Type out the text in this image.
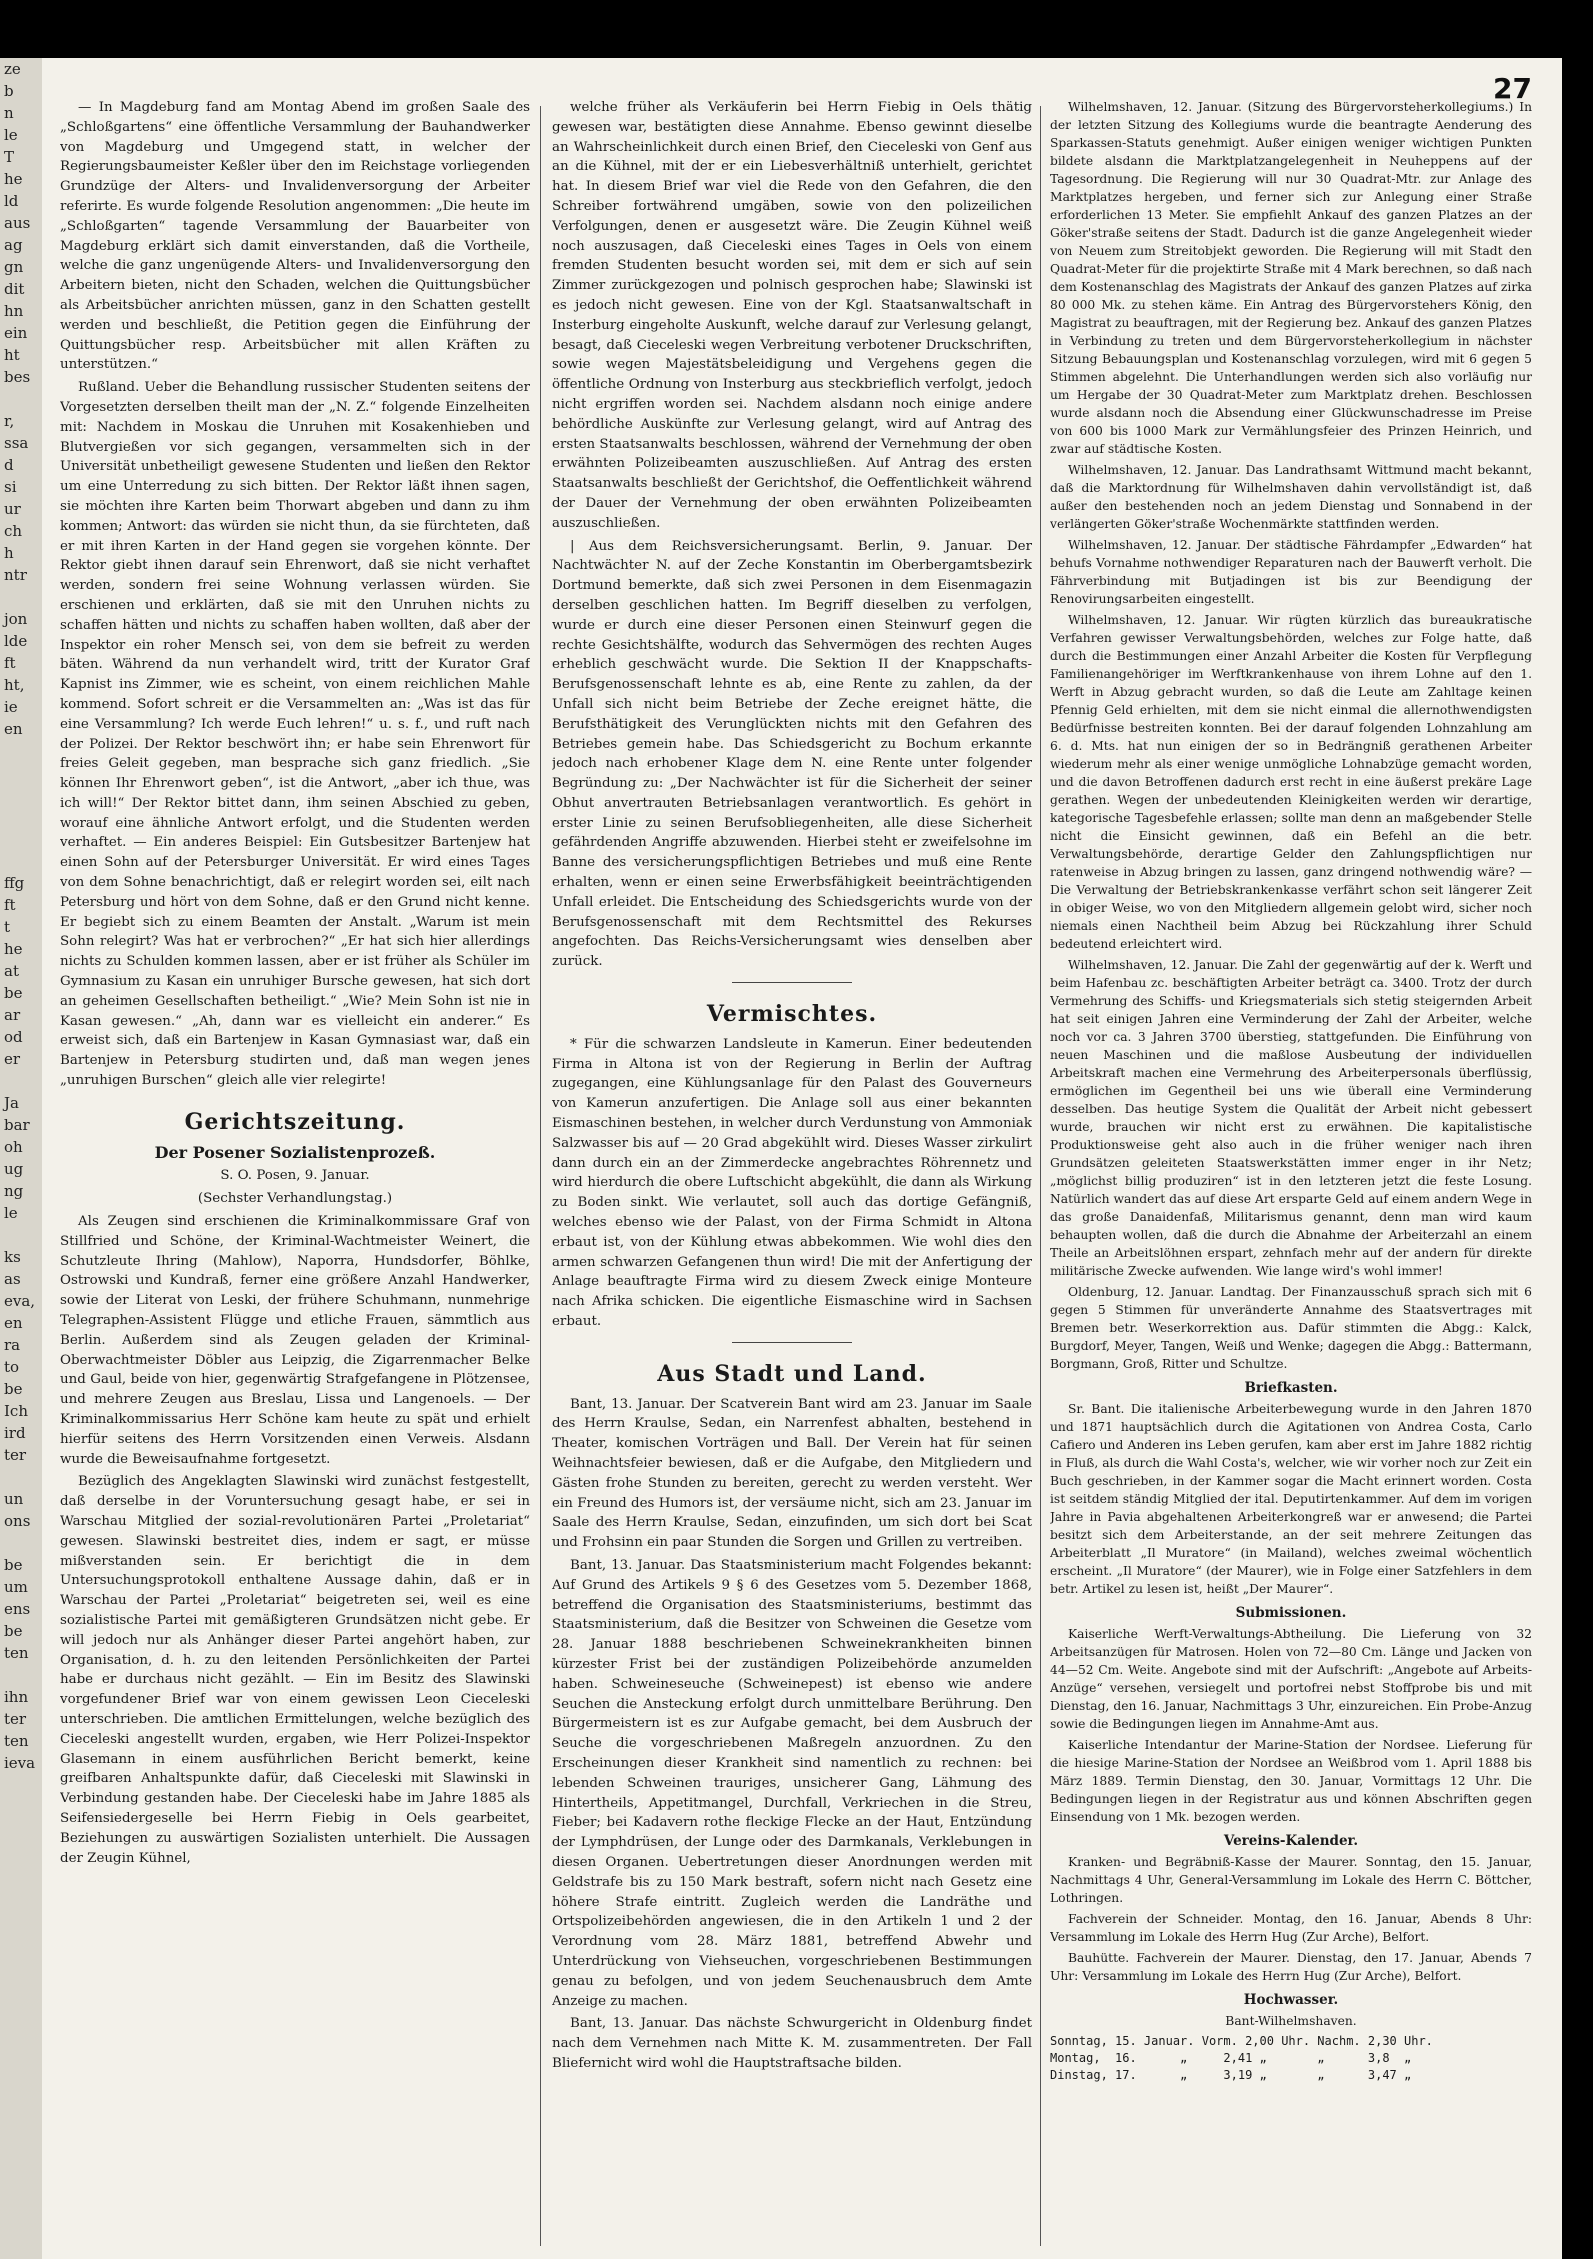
ze
b
n
le
T
he
ld
aus
ag
gn
dit
hn
ein
ht
bes

r,
ssa
d
si
ur
ch
h
ntr

jon
lde
ft
ht,
ie
en

ffg
ft
t
he
at
be
ar
od
er

Ja
bar
oh
ug
ng
le

ks
as
eva,
en
ra
to
be
Ich
ird
ter

un
ons

be
um
ens
be
ten

ihn
ter
ten
ieva
27

— In Magdeburg fand am Montag Abend im großen Saale des „Schloßgartens“ eine öffentliche Versammlung der Bauhandwerker von Magdeburg und Umgegend statt, in welcher der Regierungsbaumeister Keßler über den im Reichstage vorliegenden Grundzüge der Alters- und Invalidenversorgung der Arbeiter referirte. Es wurde folgende Resolution angenommen: „Die heute im „Schloßgarten“ tagende Versammlung der Bauarbeiter von Magdeburg erklärt sich damit einverstanden, daß die Vortheile, welche die ganz ungenügende Alters- und Invalidenversorgung den Arbeitern bieten, nicht den Schaden, welchen die Quittungsbücher als Arbeitsbücher anrichten müssen, ganz in den Schatten gestellt werden und beschließt, die Petition gegen die Einführung der Quittungsbücher resp. Arbeitsbücher mit allen Kräften zu unterstützen.“

Rußland. Ueber die Behandlung russischer Studenten seitens der Vorgesetzten derselben theilt man der „N. Z.“ folgende Einzelheiten mit: Nachdem in Moskau die Unruhen mit Kosakenhieben und Blutvergießen vor sich gegangen, versammelten sich in der Universität unbetheiligt gewesene Studenten und ließen den Rektor um eine Unterredung zu sich bitten. Der Rektor läßt ihnen sagen, sie möchten ihre Karten beim Thorwart abgeben und dann zu ihm kommen; Antwort: das würden sie nicht thun, da sie fürchteten, daß er mit ihren Karten in der Hand gegen sie vorgehen könnte. Der Rektor giebt ihnen darauf sein Ehrenwort, daß sie nicht verhaftet werden, sondern frei seine Wohnung verlassen würden. Sie erschienen und erklärten, daß sie mit den Unruhen nichts zu schaffen hätten und nichts zu schaffen haben wollten, daß aber der Inspektor ein roher Mensch sei, von dem sie befreit zu werden bäten. Während da nun verhandelt wird, tritt der Kurator Graf Kapnist ins Zimmer, wie es scheint, von einem reichlichen Mahle kommend. Sofort schreit er die Versammelten an: „Was ist das für eine Versammlung? Ich werde Euch lehren!“ u. s. f., und ruft nach der Polizei. Der Rektor beschwört ihn; er habe sein Ehrenwort für freies Geleit gegeben, man besprache sich ganz friedlich. „Sie können Ihr Ehrenwort geben“, ist die Antwort, „aber ich thue, was ich will!“ Der Rektor bittet dann, ihm seinen Abschied zu geben, worauf eine ähnliche Antwort erfolgt, und die Studenten werden verhaftet. — Ein anderes Beispiel: Ein Gutsbesitzer Bartenjew hat einen Sohn auf der Petersburger Universität. Er wird eines Tages von dem Sohne benachrichtigt, daß er relegirt worden sei, eilt nach Petersburg und hört von dem Sohne, daß er den Grund nicht kenne. Er begiebt sich zu einem Beamten der Anstalt. „Warum ist mein Sohn relegirt? Was hat er verbrochen?“ „Er hat sich hier allerdings nichts zu Schulden kommen lassen, aber er ist früher als Schüler im Gymnasium zu Kasan ein unruhiger Bursche gewesen, hat sich dort an geheimen Gesellschaften betheiligt.“ „Wie? Mein Sohn ist nie in Kasan gewesen.“ „Ah, dann war es vielleicht ein anderer.“ Es erweist sich, daß ein Bartenjew in Kasan Gymnasiast war, daß ein Bartenjew in Petersburg studirten und, daß man wegen jenes „unruhigen Burschen“ gleich alle vier relegirte!

Gerichtszeitung.
Der Posener Sozialistenprozeß.

S. O. Posen, 9. Januar.

(Sechster Verhandlungstag.)

Als Zeugen sind erschienen die Kriminalkommissare Graf von Stillfried und Schöne, der Kriminal-Wachtmeister Weinert, die Schutzleute Ihring (Mahlow), Naporra, Hundsdorfer, Böhlke, Ostrowski und Kundraß, ferner eine größere Anzahl Handwerker, sowie der Literat von Leski, der frühere Schuhmann, nunmehrige Telegraphen-Assistent Flügge und etliche Frauen, sämmtlich aus Berlin. Außerdem sind als Zeugen geladen der Kriminal-Oberwachtmeister Döbler aus Leipzig, die Zigarrenmacher Belke und Gaul, beide von hier, gegenwärtig Strafgefangene in Plötzensee, und mehrere Zeugen aus Breslau, Lissa und Langenoels. — Der Kriminalkommissarius Herr Schöne kam heute zu spät und erhielt hierfür seitens des Herrn Vorsitzenden einen Verweis. Alsdann wurde die Beweisaufnahme fortgesetzt.

Bezüglich des Angeklagten Slawinski wird zunächst festgestellt, daß derselbe in der Voruntersuchung gesagt habe, er sei in Warschau Mitglied der sozial-revolutionären Partei „Proletariat“ gewesen. Slawinski bestreitet dies, indem er sagt, er müsse mißverstanden sein. Er berichtigt die in dem Untersuchungsprotokoll enthaltene Aussage dahin, daß er in Warschau der Partei „Proletariat“ beigetreten sei, weil es eine sozialistische Partei mit gemäßigteren Grundsätzen nicht gebe. Er will jedoch nur als Anhänger dieser Partei angehört haben, zur Organisation, d. h. zu den leitenden Persönlichkeiten der Partei habe er durchaus nicht gezählt. — Ein im Besitz des Slawinski vorgefundener Brief war von einem gewissen Leon Cieceleski unterschrieben. Die amtlichen Ermittelungen, welche bezüglich des Cieceleski angestellt wurden, ergaben, wie Herr Polizei-Inspektor Glasemann in einem ausführlichen Bericht bemerkt, keine greifbaren Anhaltspunkte dafür, daß Cieceleski mit Slawinski in Verbindung gestanden habe. Der Cieceleski habe im Jahre 1885 als Seifensiedergeselle bei Herrn Fiebig in Oels gearbeitet, Beziehungen zu auswärtigen Sozialisten unterhielt. Die Aussagen der Zeugin Kühnel,

welche früher als Verkäuferin bei Herrn Fiebig in Oels thätig gewesen war, bestätigten diese Annahme. Ebenso gewinnt dieselbe an Wahrscheinlichkeit durch einen Brief, den Cieceleski von Genf aus an die Kühnel, mit der er ein Liebesverhältniß unterhielt, gerichtet hat. In diesem Brief war viel die Rede von den Gefahren, die den Schreiber fortwährend umgäben, sowie von den polizeilichen Verfolgungen, denen er ausgesetzt wäre. Die Zeugin Kühnel weiß noch auszusagen, daß Cieceleski eines Tages in Oels von einem fremden Studenten besucht worden sei, mit dem er sich auf sein Zimmer zurückgezogen und polnisch gesprochen habe; Slawinski ist es jedoch nicht gewesen. Eine von der Kgl. Staatsanwaltschaft in Insterburg eingeholte Auskunft, welche darauf zur Verlesung gelangt, besagt, daß Cieceleski wegen Verbreitung verbotener Druckschriften, sowie wegen Majestätsbeleidigung und Vergehens gegen die öffentliche Ordnung von Insterburg aus steckbrieflich verfolgt, jedoch nicht ergriffen worden sei. Nachdem alsdann noch einige andere behördliche Auskünfte zur Verlesung gelangt, wird auf Antrag des ersten Staatsanwalts beschlossen, während der Vernehmung der oben erwähnten Polizeibeamten auszuschließen. Auf Antrag des ersten Staatsanwalts beschließt der Gerichtshof, die Oeffentlichkeit während der Dauer der Vernehmung der oben erwähnten Polizeibeamten auszuschließen.

| Aus dem Reichsversicherungsamt. Berlin, 9. Januar. Der Nachtwächter N. auf der Zeche Konstantin im Oberbergamtsbezirk Dortmund bemerkte, daß sich zwei Personen in dem Eisenmagazin derselben geschlichen hatten. Im Begriff dieselben zu verfolgen, wurde er durch eine dieser Personen einen Steinwurf gegen die rechte Gesichtshälfte, wodurch das Sehvermögen des rechten Auges erheblich geschwächt wurde. Die Sektion II der Knappschafts-Berufsgenossenschaft lehnte es ab, eine Rente zu zahlen, da der Unfall sich nicht beim Betriebe der Zeche ereignet hätte, die Berufsthätigkeit des Verunglückten nichts mit den Gefahren des Betriebes gemein habe. Das Schiedsgericht zu Bochum erkannte jedoch nach erhobener Klage dem N. eine Rente unter folgender Begründung zu: „Der Nachwächter ist für die Sicherheit der seiner Obhut anvertrauten Betriebsanlagen verantwortlich. Es gehört in erster Linie zu seinen Berufsobliegenheiten, alle diese Sicherheit gefährdenden Angriffe abzuwenden. Hierbei steht er zweifelsohne im Banne des versicherungspflichtigen Betriebes und muß eine Rente erhalten, wenn er einen seine Erwerbsfähigkeit beeinträchtigenden Unfall erleidet. Die Entscheidung des Schiedsgerichts wurde von der Berufsgenossenschaft mit dem Rechtsmittel des Rekurses angefochten. Das Reichs-Versicherungsamt wies denselben aber zurück.

Vermischtes.

* Für die schwarzen Landsleute in Kamerun. Einer bedeutenden Firma in Altona ist von der Regierung in Berlin der Auftrag zugegangen, eine Kühlungsanlage für den Palast des Gouverneurs von Kamerun anzufertigen. Die Anlage soll aus einer bekannten Eismaschinen bestehen, in welcher durch Verdunstung von Ammoniak Salzwasser bis auf — 20 Grad abgekühlt wird. Dieses Wasser zirkulirt dann durch ein an der Zimmerdecke angebrachtes Röhrennetz und wird hierdurch die obere Luftschicht abgekühlt, die dann als Wirkung zu Boden sinkt. Wie verlautet, soll auch das dortige Gefängniß, welches ebenso wie der Palast, von der Firma Schmidt in Altona erbaut ist, von der Kühlung etwas abbekommen. Wie wohl dies den armen schwarzen Gefangenen thun wird! Die mit der Anfertigung der Anlage beauftragte Firma wird zu diesem Zweck einige Monteure nach Afrika schicken. Die eigentliche Eismaschine wird in Sachsen erbaut.

Aus Stadt und Land.

Bant, 13. Januar. Der Scatverein Bant wird am 23. Januar im Saale des Herrn Kraulse, Sedan, ein Narrenfest abhalten, bestehend in Theater, komischen Vorträgen und Ball. Der Verein hat für seinen Weihnachtsfeier bewiesen, daß er die Aufgabe, den Mitgliedern und Gästen frohe Stunden zu bereiten, gerecht zu werden versteht. Wer ein Freund des Humors ist, der versäume nicht, sich am 23. Januar im Saale des Herrn Kraulse, Sedan, einzufinden, um sich dort bei Scat und Frohsinn ein paar Stunden die Sorgen und Grillen zu vertreiben.

Bant, 13. Januar. Das Staatsministerium macht Folgendes bekannt: Auf Grund des Artikels 9 § 6 des Gesetzes vom 5. Dezember 1868, betreffend die Organisation des Staatsministeriums, bestimmt das Staatsministerium, daß die Besitzer von Schweinen die Gesetze vom 28. Januar 1888 beschriebenen Schweinekrankheiten binnen kürzester Frist bei der zuständigen Polizeibehörde anzumelden haben. Schweineseuche (Schweinepest) ist ebenso wie andere Seuchen die Ansteckung erfolgt durch unmittelbare Berührung. Den Bürgermeistern ist es zur Aufgabe gemacht, bei dem Ausbruch der Seuche die vorgeschriebenen Maßregeln anzuordnen. Zu den Erscheinungen dieser Krankheit sind namentlich zu rechnen: bei lebenden Schweinen trauriges, unsicherer Gang, Lähmung des Hintertheils, Appetitmangel, Durchfall, Verkriechen in die Streu, Fieber; bei Kadavern rothe fleckige Flecke an der Haut, Entzündung der Lymphdrüsen, der Lunge oder des Darmkanals, Verklebungen in diesen Organen. Uebertretungen dieser Anordnungen werden mit Geldstrafe bis zu 150 Mark bestraft, sofern nicht nach Gesetz eine höhere Strafe eintritt. Zugleich werden die Landräthe und Ortspolizeibehörden angewiesen, die in den Artikeln 1 und 2 der Verordnung vom 28. März 1881, betreffend Abwehr und Unterdrückung von Viehseuchen, vorgeschriebenen Bestimmungen genau zu befolgen, und von jedem Seuchenausbruch dem Amte Anzeige zu machen.

Bant, 13. Januar. Das nächste Schwurgericht in Oldenburg findet nach dem Vernehmen nach Mitte K. M. zusammentreten. Der Fall Bliefernicht wird wohl die Hauptstraftsache bilden.

Wilhelmshaven, 12. Januar. (Sitzung des Bürgervorsteherkollegiums.) In der letzten Sitzung des Kollegiums wurde die beantragte Aenderung des Sparkassen-Statuts genehmigt. Außer einigen weniger wichtigen Punkten bildete alsdann die Marktplatzangelegenheit in Neuheppens auf der Tagesordnung. Die Regierung will nur 30 Quadrat-Mtr. zur Anlage des Marktplatzes hergeben, und ferner sich zur Anlegung einer Straße erforderlichen 13 Meter. Sie empfiehlt Ankauf des ganzen Platzes an der Göker'straße seitens der Stadt. Dadurch ist die ganze Angelegenheit wieder von Neuem zum Streitobjekt geworden. Die Regierung will mit Stadt den Quadrat-Meter für die projektirte Straße mit 4 Mark berechnen, so daß nach dem Kostenanschlag des Magistrats der Ankauf des ganzen Platzes auf zirka 80 000 Mk. zu stehen käme. Ein Antrag des Bürgervorstehers König, den Magistrat zu beauftragen, mit der Regierung bez. Ankauf des ganzen Platzes in Verbindung zu treten und dem Bürgervorsteherkollegium in nächster Sitzung Bebauungsplan und Kostenanschlag vorzulegen, wird mit 6 gegen 5 Stimmen abgelehnt. Die Unterhandlungen werden sich also vorläufig nur um Hergabe der 30 Quadrat-Meter zum Marktplatz drehen. Beschlossen wurde alsdann noch die Absendung einer Glückwunschadresse im Preise von 600 bis 1000 Mark zur Vermählungsfeier des Prinzen Heinrich, und zwar auf städtische Kosten.

Wilhelmshaven, 12. Januar. Das Landrathsamt Wittmund macht bekannt, daß die Marktordnung für Wilhelmshaven dahin vervollständigt ist, daß außer den bestehenden noch an jedem Dienstag und Sonnabend in der verlängerten Göker'straße Wochenmärkte stattfinden werden.

Wilhelmshaven, 12. Januar. Der städtische Fährdampfer „Edwarden“ hat behufs Vornahme nothwendiger Reparaturen nach der Bauwerft verholt. Die Fährverbindung mit Butjadingen ist bis zur Beendigung der Renovirungsarbeiten eingestellt.

Wilhelmshaven, 12. Januar. Wir rügten kürzlich das bureaukratische Verfahren gewisser Verwaltungsbehörden, welches zur Folge hatte, daß durch die Bestimmungen einer Anzahl Arbeiter die Kosten für Verpflegung Familienangehöriger im Werftkrankenhause von ihrem Lohne auf den 1. Werft in Abzug gebracht wurden, so daß die Leute am Zahltage keinen Pfennig Geld erhielten, mit dem sie nicht einmal die allernothwendigsten Bedürfnisse bestreiten konnten. Bei der darauf folgenden Lohnzahlung am 6. d. Mts. hat nun einigen der so in Bedrängniß gerathenen Arbeiter wiederum mehr als einer wenige unmögliche Lohnabzüge gemacht worden, und die davon Betroffenen dadurch erst recht in eine äußerst prekäre Lage gerathen. Wegen der unbedeutenden Kleinigkeiten werden wir derartige, kategorische Tagesbefehle erlassen; sollte man denn an maßgebender Stelle nicht die Einsicht gewinnen, daß ein Befehl an die betr. Verwaltungsbehörde, derartige Gelder den Zahlungspflichtigen nur ratenweise in Abzug bringen zu lassen, ganz dringend nothwendig wäre? — Die Verwaltung der Betriebskrankenkasse verfährt schon seit längerer Zeit in obiger Weise, wo von den Mitgliedern allgemein gelobt wird, sicher noch niemals einen Nachtheil beim Abzug bei Rückzahlung ihrer Schuld bedeutend erleichtert wird.

Wilhelmshaven, 12. Januar. Die Zahl der gegenwärtig auf der k. Werft und beim Hafenbau zc. beschäftigten Arbeiter beträgt ca. 3400. Trotz der durch Vermehrung des Schiffs- und Kriegsmaterials sich stetig steigernden Arbeit hat seit einigen Jahren eine Verminderung der Zahl der Arbeiter, welche noch vor ca. 3 Jahren 3700 überstieg, stattgefunden. Die Einführung von neuen Maschinen und die maßlose Ausbeutung der individuellen Arbeitskraft machen eine Vermehrung des Arbeiterpersonals überflüssig, ermöglichen im Gegentheil bei uns wie überall eine Verminderung desselben. Das heutige System die Qualität der Arbeit nicht gebessert wurde, brauchen wir nicht erst zu erwähnen. Die kapitalistische Produktionsweise geht also auch in die früher weniger nach ihren Grundsätzen geleiteten Staatswerkstätten immer enger in ihr Netz; „möglichst billig produziren“ ist in den letzteren jetzt die feste Losung. Natürlich wandert das auf diese Art ersparte Geld auf einem andern Wege in das große Danaidenfaß, Militarismus genannt, denn man wird kaum behaupten wollen, daß die durch die Abnahme der Arbeiterzahl an einem Theile an Arbeitslöhnen erspart, zehnfach mehr auf der andern für direkte militärische Zwecke aufwenden. Wie lange wird's wohl immer!

Oldenburg, 12. Januar. Landtag. Der Finanzausschuß sprach sich mit 6 gegen 5 Stimmen für unveränderte Annahme des Staatsvertrages mit Bremen betr. Weserkorrektion aus. Dafür stimmten die Abgg.: Kalck, Burgdorf, Meyer, Tangen, Weiß und Wenke; dagegen die Abgg.: Battermann, Borgmann, Groß, Ritter und Schultze.

Briefkasten.

Sr. Bant. Die italienische Arbeiterbewegung wurde in den Jahren 1870 und 1871 hauptsächlich durch die Agitationen von Andrea Costa, Carlo Cafiero und Anderen ins Leben gerufen, kam aber erst im Jahre 1882 richtig in Fluß, als durch die Wahl Costa's, welcher, wie wir vorher noch zur Zeit ein Buch geschrieben, in der Kammer sogar die Macht erinnert worden. Costa ist seitdem ständig Mitglied der ital. Deputirtenkammer. Auf dem im vorigen Jahre in Pavia abgehaltenen Arbeiterkongreß war er anwesend; die Partei besitzt sich dem Arbeiterstande, an der seit mehrere Zeitungen das Arbeiterblatt „Il Muratore“ (in Mailand), welches zweimal wöchentlich erscheint. „Il Muratore“ (der Maurer), wie in Folge einer Satzfehlers in dem betr. Artikel zu lesen ist, heißt „Der Maurer“.

Submissionen.

Kaiserliche Werft-Verwaltungs-Abtheilung. Die Lieferung von 32 Arbeitsanzügen für Matrosen. Holen von 72—80 Cm. Länge und Jacken von 44—52 Cm. Weite. Angebote sind mit der Aufschrift: „Angebote auf Arbeits-Anzüge“ versehen, versiegelt und portofrei nebst Stoffprobe bis und mit Dienstag, den 16. Januar, Nachmittags 3 Uhr, einzureichen. Ein Probe-Anzug sowie die Bedingungen liegen im Annahme-Amt aus.

Kaiserliche Intendantur der Marine-Station der Nordsee. Lieferung für die hiesige Marine-Station der Nordsee an Weißbrod vom 1. April 1888 bis März 1889. Termin Dienstag, den 30. Januar, Vormittags 12 Uhr. Die Bedingungen liegen in der Registratur aus und können Abschriften gegen Einsendung von 1 Mk. bezogen werden.

Vereins-Kalender.

Kranken- und Begräbniß-Kasse der Maurer. Sonntag, den 15. Januar, Nachmittags 4 Uhr, General-Versammlung im Lokale des Herrn C. Böttcher, Lothringen.

Fachverein der Schneider. Montag, den 16. Januar, Abends 8 Uhr: Versammlung im Lokale des Herrn Hug (Zur Arche), Belfort.

Bauhütte. Fachverein der Maurer. Dienstag, den 17. Januar, Abends 7 Uhr: Versammlung im Lokale des Herrn Hug (Zur Arche), Belfort.

Hochwasser.

Bant-Wilhelmshaven.

Sonntag, 15. Januar. Vorm. 2,00 Uhr. Nachm. 2,30 Uhr.
Montag,  16.      „     2,41 „       „      3,8  „
Dinstag, 17.      „     3,19 „       „      3,47 „
